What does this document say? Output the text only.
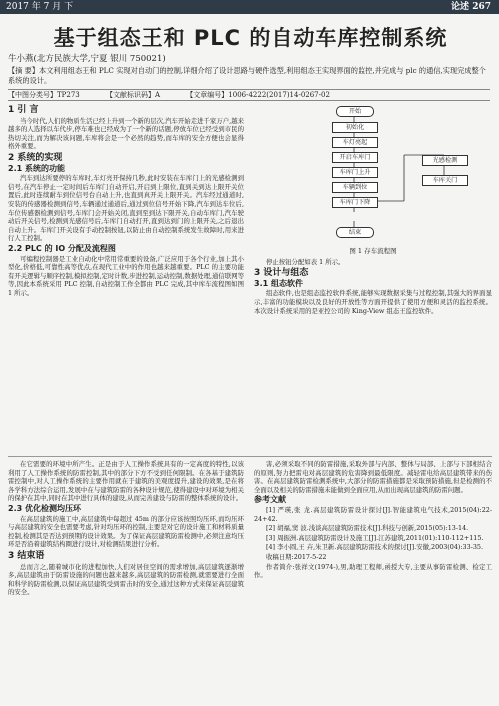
2017 年 7 月 下	论述 267
基于组态王和 PLC 的自动车库控制系统
牛小燕(北方民族大学,宁夏 银川 750021)
【摘 要】本文利用组态王和 PLC 实现对自动门的控制,详细介绍了设计思路与硬件选型,利用组态王实现界面的监控,并完成与 plc 的通信,实现完成整个系统的设计。
【中图分类号】TP273	【文献标识码】A	【文章编号】1006-4222(2017)14-0267-02
1 引 言

当今时代,人们的物质生活已经上升到一个新的层次,汽车开始走进千家万户,越来越多的人选择以车代步,停车难也已经成为了一个新的话题,停放车位已经受到市民的热切关注,而为解决该问题,车库将会是一个必然的趋势,而车库的安全方便也会显得格外重要。

2 系统的实现
2.1 系统的功能

汽车到达所要停的车库时,车灯亮开保持几秒,此时安装在车库门上的光感检测到信号,在汽车停止一定时间后车库门自动开启,开启到上限位,直到关到达上限开关位置后,此时连续耐车到位信号台自动上升,也直到真开关上限开关。汽车经过通道时,安装的传感器检测到信号,车辆通过通道后,通过到位信号开始下降,汽车到达车位后,车位传感器检测到信号,车库门会开始关闭,直到至到达下限开关,自动车库门,汽车驶动后开关信号,检测到光感信号后,车库门自动打开,直到达到门的上限开关,之后退出自动上升。车库门开关设有手动控制按钮,以防止由自动控制系统发生故障时,用来进行人工控制。

2.2 PLC 的 IO 分配及流程图

可编程控制器是工业自动化中常用常重要的设备,广泛应用于各个行业,加上其小型化,价格低,可靠性高等优点,在现代工业中的作用也越来越重要。PLC 的主要功能有开关逻辑与顺序控制,模拟控制,定时计数,步进控制,运动控制,数据处理,通信联网等等,因此本系统采用 PLC 控制,自动控制工作全都由 PLC 完成,其中库车流程图如图 1 所示。

开始
初始化
车灯亮起
开启车库门
车库门上升
车辆到位
车库门下降
光感检测
车库关门
结束
图 1 存车流程图

停止按钮分配如表 1 所示。

3 设计与组态
3.1 组态软件

组态软件,也是组态监控软件系统,能够实现数据采集与过程控制,其强大的界面显示,丰富的功能模块以及良好的开放性等方面开提供了使用方便和灵活的监控系统。本次设计系统采用的是亚控公司的 King-View 组态王监控软件。

在它需要的环境中所产生。正是由于人工操作系统具有的一定高度的特性,以该利用了人工操作系统的防雷控制,其中的部分下方不受到任何限制。在各基于建筑防雷控制中,对人工操作系统的主要作用就在于建筑的美观度提升,建设的效果,是在将各学科方法综合运用,发展中在与建筑防雷的各种设计规范,使得建设中对环境为相关的保护在其中,同时在其中进行具体的建设,从而完善建设与防雷的整体系统的设计。

2.3 优化检测均压环

在高层建筑的施工中,高层建筑中每超过 45m 的部分应该按照均压环,而均压环与高层建筑的安全也需要考虑,针对均压环的控制,主要是对它的设计施工和材料质量控制,检测其是否达到预期的设计效果。为了保证高层建筑防雷检测中,必须注意均压环是否沿着建筑结构圈进行设计,对检测结果进行分析。

3 结束语

总而言之,随着城市化的进程加快,人们对居住空间的需求增加,高层建筑逐渐增多,高层建筑由于防雷设施的问题也越来越多,高层建筑的防雷检测,就需要进行全面和科学的防雷检测,以保证高层建筑受到雷击时的安全,通过这种方式来保证高层建筑的安全。

害,必须采取不同的防雷措施,采取外部与内部、整体与局部、上部与下部相结合的原则,努力把雷电对高层建筑的危害降到最低限度。减轻雷电给高层建筑带来的伤害。在高层建筑防雷检测系统中,大部分的防雷措施都是采取预防措施,但是检测的不全面以及相关的防雷措施未能做到全面应用,从而出现高层建筑的防雷问题。

参考文献

[1] 严瑛,张 龙.高层建筑防雷设计探讨[J].智能建筑电气技术,2015(04):22-24+42.

[2] 胡福,窦 波.浅谈高层建筑防雷技术[J].科技与创新,2015(05):13-14.

[3] 周振洲.高层建筑防雷设计及施工[J].江苏建筑,2011(01):110-112+115.

[4] 李小圆,王 卉,朱卫新.高层建筑防雷技术的探讨[J].安徽,2003(04):33-35.

收稿日期:2017-5-22

作者简介:张祥文(1974-),男,助理工程师,函授大专,主要从事防雷检测、检定工作。
